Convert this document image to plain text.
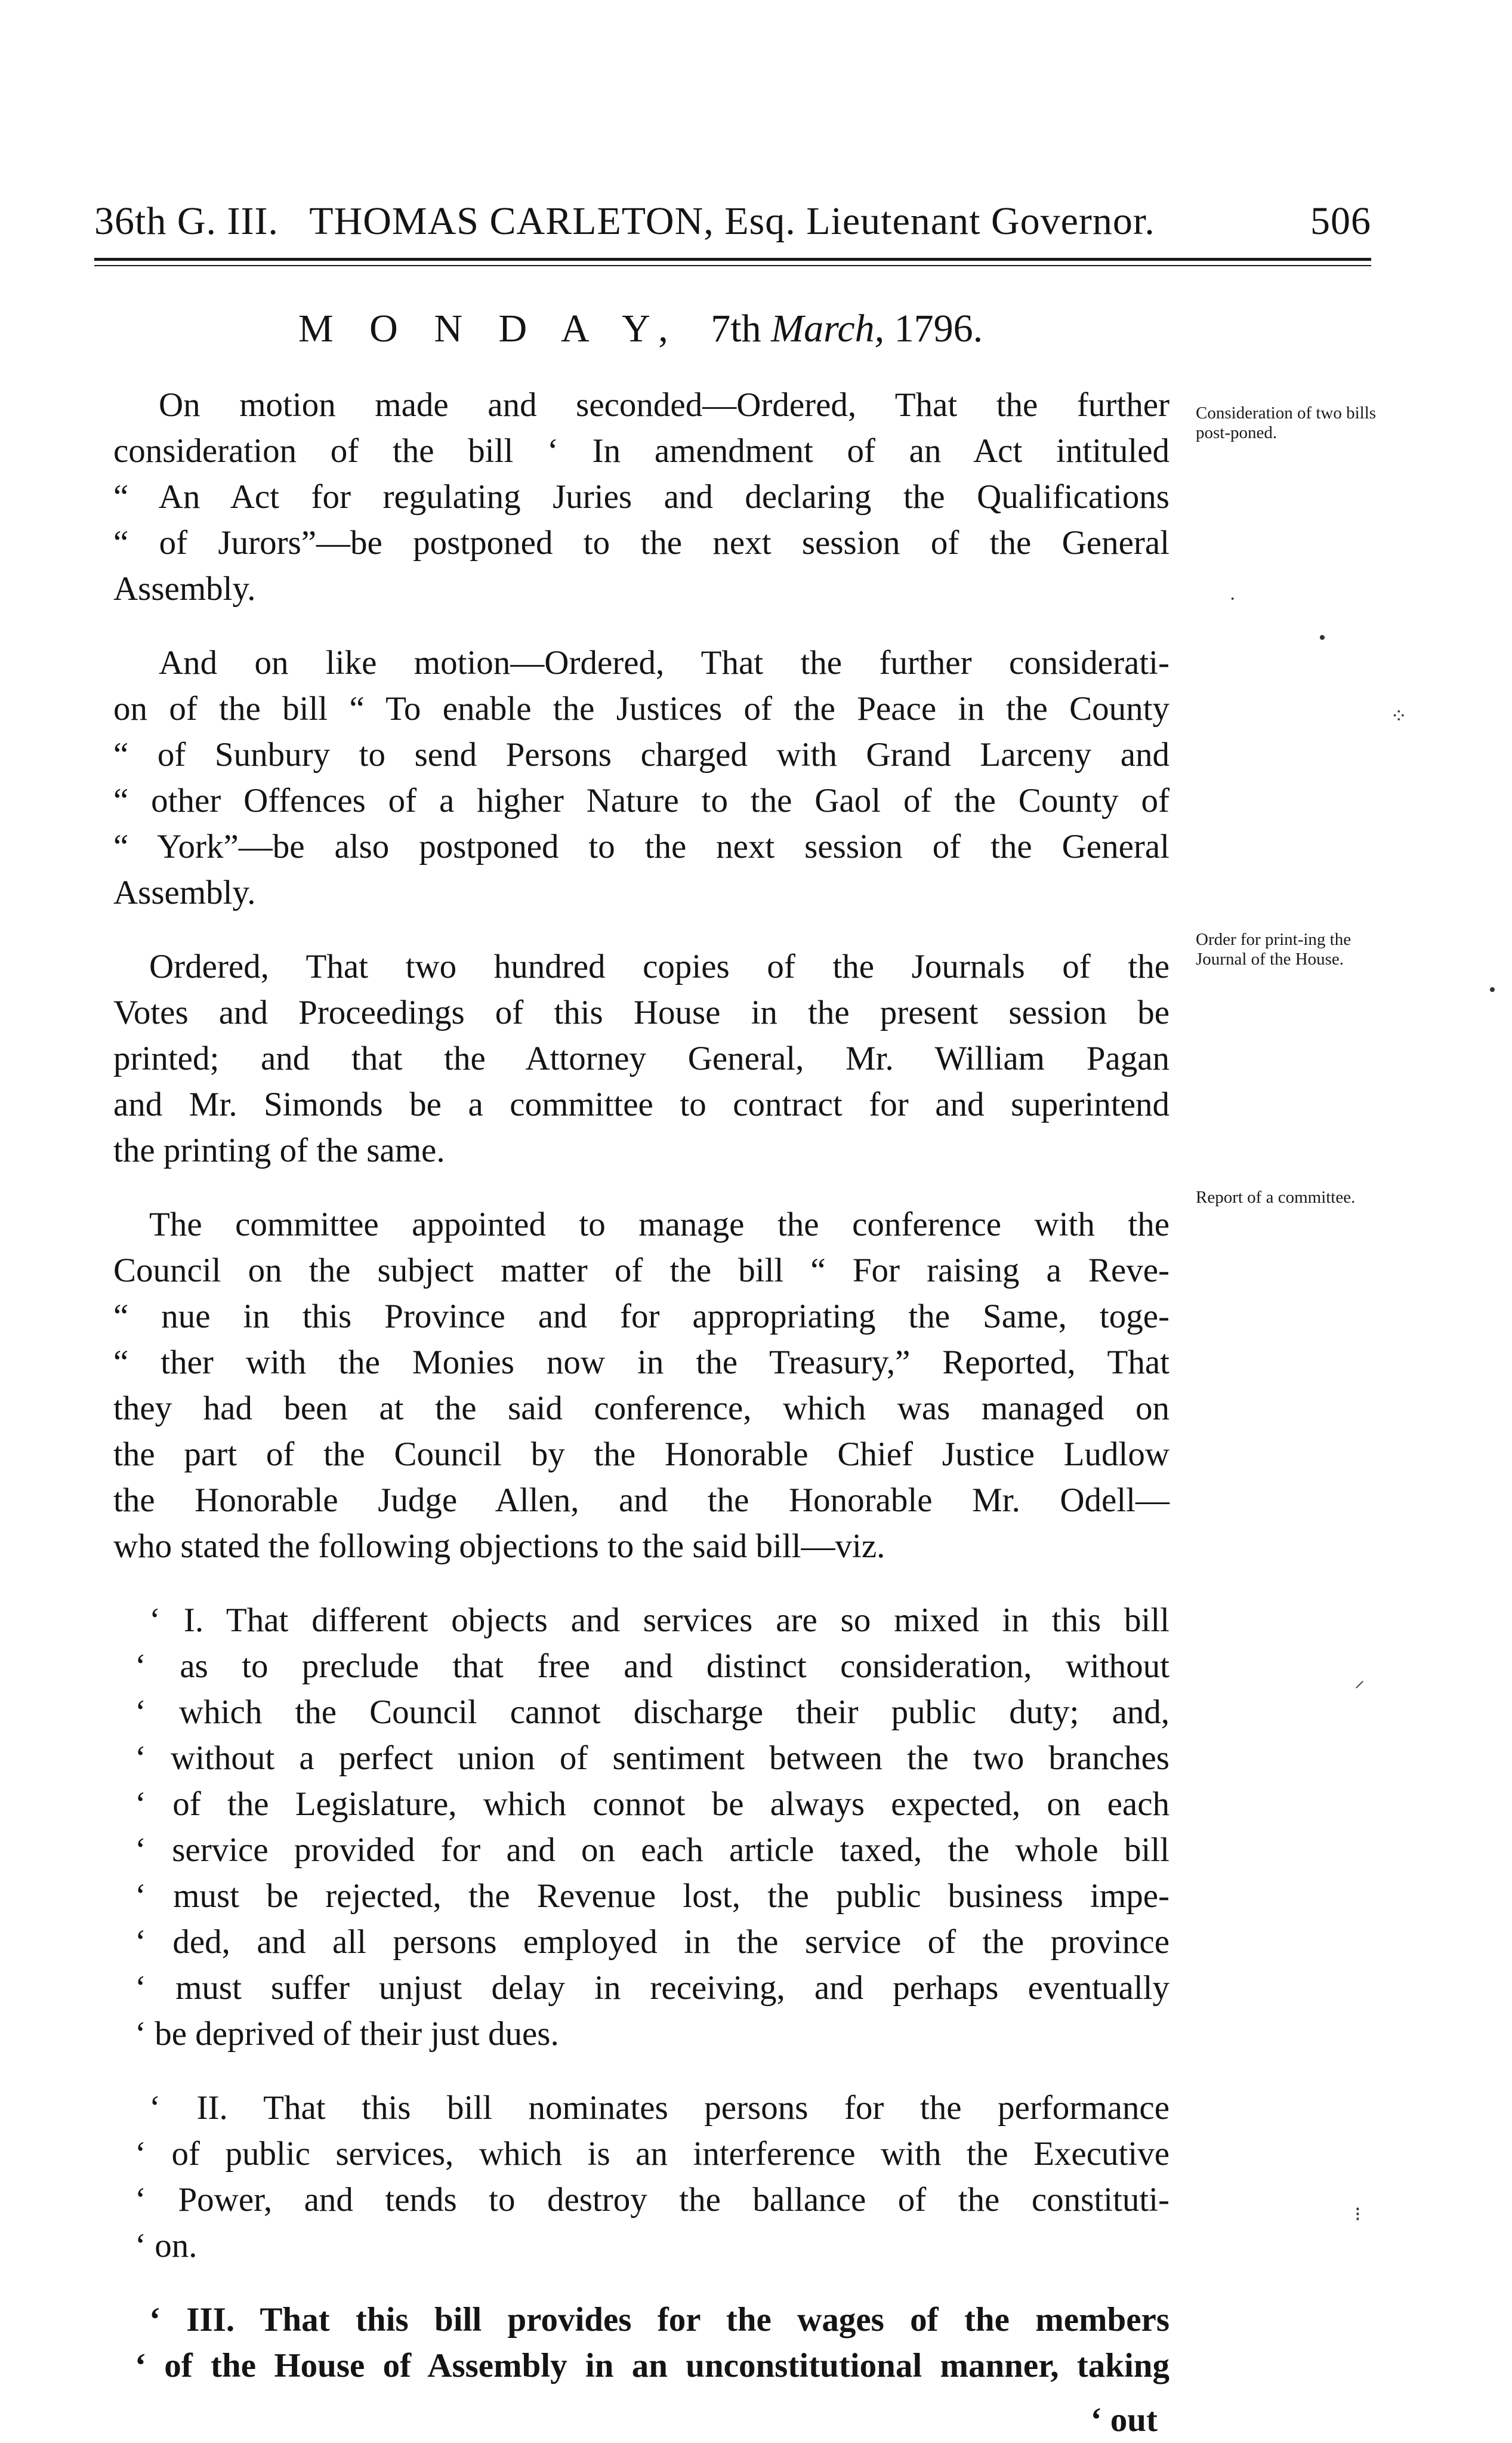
36th G. III. THOMAS CARLETON, Esq. Lieutenant Governor.	506
M O N D A Y, 7th March, 1796.
On motion made and seconded—Ordered, That the further
consideration of the bill ‘ In amendment of an Act intituled
“ An Act for regulating Juries and declaring the Qualifications
“ of Jurors”—be postponed to the next session of the General
Assembly.
And on like motion—Ordered, That the further considerati-
on of the bill “ To enable the Justices of the Peace in the County
“ of Sunbury to send Persons charged with Grand Larceny and
“ other Offences of a higher Nature to the Gaol of the County of
“ York”—be also postponed to the next session of the General
Assembly.
Ordered, That two hundred copies of the Journals of the
Votes and Proceedings of this House in the present session be
printed; and that the Attorney General, Mr. William Pagan
and Mr. Simonds be a committee to contract for and superintend
the printing of the same.
The committee appointed to manage the conference with the
Council on the subject matter of the bill “ For raising a Reve-
“ nue in this Province and for appropriating the Same, toge-
“ ther with the Monies now in the Treasury,” Reported, That
they had been at the said conference, which was managed on
the part of the Council by the Honorable Chief Justice Ludlow
the Honorable Judge Allen, and the Honorable Mr. Odell—
who stated the following objections to the said bill—viz.
‘ I. That different objects and services are so mixed in this bill
‘ as to preclude that free and distinct consideration, without
‘ which the Council cannot discharge their public duty; and,
‘ without a perfect union of sentiment between the two branches
‘ of the Legislature, which connot be always expected, on each
‘ service provided for and on each article taxed, the whole bill
‘ must be rejected, the Revenue lost, the public business impe-
‘ ded, and all persons employed in the service of the province
‘ must suffer unjust delay in receiving, and perhaps eventually
‘ be deprived of their just dues.
‘ II. That this bill nominates persons for the performance
‘ of public services, which is an interference with the Executive
‘ Power, and tends to destroy the ballance of the constituti-
‘ on.
‘ III. That this bill provides for the wages of the members
‘ of the House of Assembly in an unconstitutional manner, taking
‘ out
Consideration of two bills post-poned.
Order for print-ing the Journal of the House.
Report of a committee.
•
⁘
·
•
⸝
⁝
